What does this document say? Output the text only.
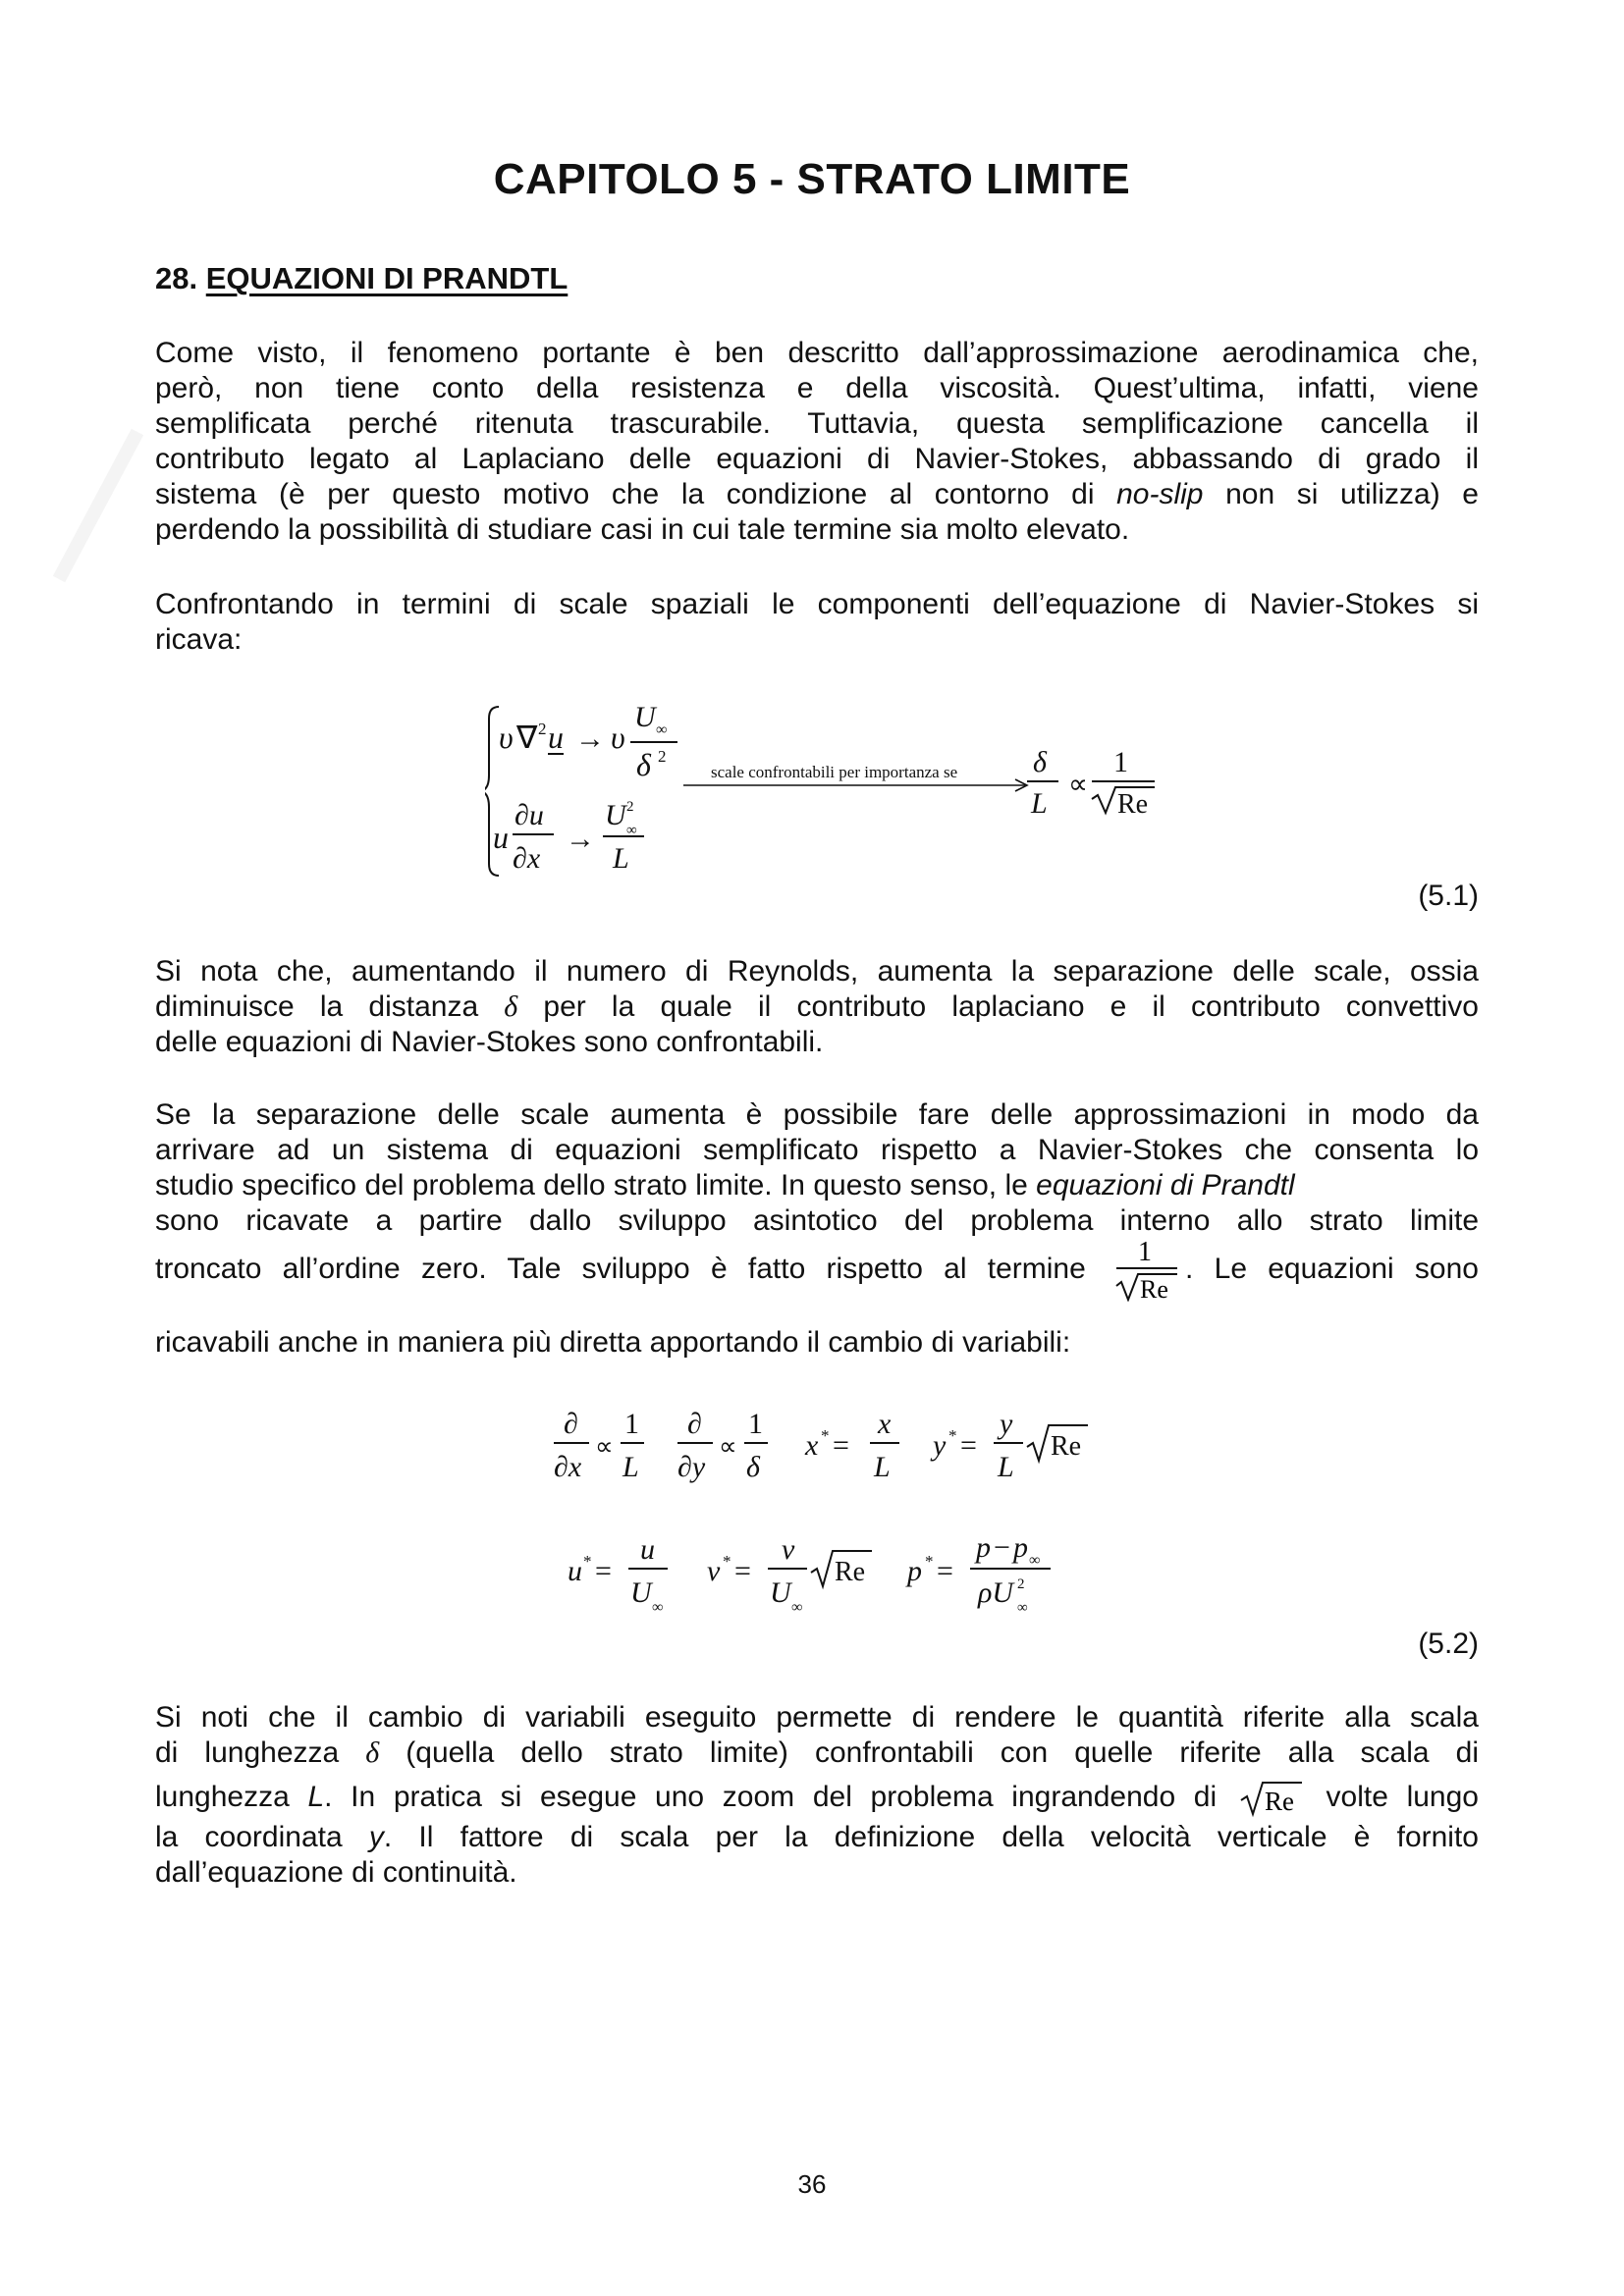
CAPITOLO 5 - STRATO LIMITE
28. EQUAZIONI DI PRANDTL
Come visto, il fenomeno portante è ben descritto dall’approssimazione aerodinamica che,
però, non tiene conto della resistenza e della viscosità. Quest’ultima, infatti, viene
semplificata perché ritenuta trascurabile. Tuttavia, questa semplificazione cancella il
contributo legato al Laplaciano delle equazioni di Navier-Stokes, abbassando di grado il
sistema (è per questo motivo che la condizione al contorno di no-slip non si utilizza) e
perdendo la possibilità di studiare casi in cui tale termine sia molto elevato.
Confrontando in termini di scale spaziali le componenti dell’equazione di Navier-Stokes si
ricava:
υ ∇ 2 u → υ
U ∞
δ 2
u
∂u
∂x
→
U 2
∞
L
scale confrontabili per importanza se	δ
L
∝
1
Re
(5.1)
Si nota che, aumentando il numero di Reynolds, aumenta la separazione delle scale, ossia
diminuisce la distanza δ per la quale il contributo laplaciano e il contributo convettivo
delle equazioni di Navier-Stokes sono confrontabili.
Se la separazione delle scale aumenta è possibile fare delle approssimazioni in modo da
arrivare ad un sistema di equazioni semplificato rispetto a Navier-Stokes che consenta lo
studio specifico del problema dello strato limite. In questo senso, le equazioni di Prandtl
sono ricavate a partire dallo sviluppo asintotico del problema interno allo strato limite
troncato all’ordine zero. Tale sviluppo è fatto rispetto al termine
1
Re
. Le equazioni sono
ricavabili anche in maniera più diretta apportando il cambio di variabili:
∂
∂x
∝
1
L
∂
∂y
∝
1
δ
x * =
x
L
y * =
y
L
Re
u * =
u
U ∞
v * =
v
U ∞
Re p * =
p − p ∞
ρU 2
∞
(5.2)
Si noti che il cambio di variabili eseguito permette di rendere le quantità riferite alla scala
di lunghezza δ (quella dello strato limite) confrontabili con quelle riferite alla scala di
lunghezza L. In pratica si esegue uno zoom del problema ingrandendo di Re volte lungo
la coordinata y. Il fattore di scala per la definizione della velocità verticale è fornito
dall’equazione di continuità.
36
